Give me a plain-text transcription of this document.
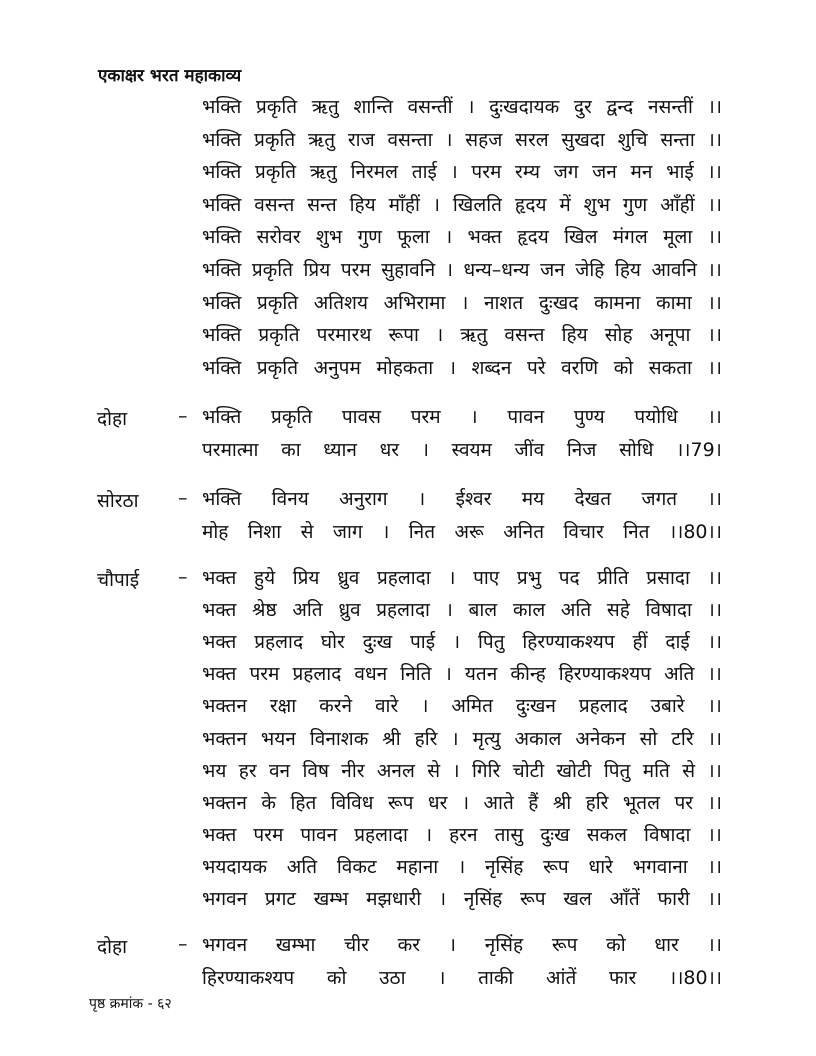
एकाक्षर भरत महाकाव्य
भक्ति प्रकृति ऋतु शान्ति वसन्तीं । दुःखदायक दुर द्वन्द नसन्तीं ।।
भक्ति प्रकृति ऋतु राज वसन्ता । सहज सरल सुखदा शुचि सन्ता ।।
भक्ति प्रकृति ऋतु निरमल ताई । परम रम्य जग जन मन भाई ।।
भक्ति वसन्त सन्त हिय माँहीं । खिलति हृदय में शुभ गुण आँहीं ।।
भक्ति सरोवर शुभ गुण फूला । भक्त हृदय खिल मंगल मूला ।।
भक्ति प्रकृति प्रिय परम सुहावनि । धन्य–धन्य जन जेहि हिय आवनि ।।
भक्ति प्रकृति अतिशय अभिरामा । नाशत दुःखद कामना कामा ।।
भक्ति प्रकृति परमारथ रूपा । ऋतु वसन्त हिय सोह अनूपा ।।
भक्ति प्रकृति अनुपम मोहकता । शब्दन परे वरणि को सकता ।।
दोहा	– भक्ति प्रकृति पावस परम । पावन पुण्य पयोधि ।।
परमात्मा का ध्यान धर । स्वयम जींव निज सोधि ।।79।
सोरठा – भक्ति विनय अनुराग । ईश्वर मय देखत जगत ।।
मोह निशा से जाग । नित अरू अनित विचार नित ।।80।।
चौपाई – भक्त हुये प्रिय ध्रुव प्रहलादा । पाए प्रभु पद प्रीति प्रसादा ।।
भक्त श्रेष्ठ अति ध्रुव प्रहलादा । बाल काल अति सहे विषादा ।।
भक्त प्रहलाद घोर दुःख पाई । पितु हिरण्याकश्यप हीं दाई ।।
भक्त परम प्रहलाद वधन निति । यतन कीन्ह हिरण्याकश्यप अति ।।
भक्तन रक्षा करने वारे । अमित दुःखन प्रहलाद उबारे ।।
भक्तन भयन विनाशक श्री हरि । मृत्यु अकाल अनेकन सो टरि ।।
भय हर वन विष नीर अनल से । गिरि चोटी खोटी पितु मति से ।।
भक्तन के हित विविध रूप धर । आते हैं श्री हरि भूतल पर ।।
भक्त परम पावन प्रहलादा । हरन तासु दुःख सकल विषादा ।।
भयदायक अति विकट महाना । नृसिंह रूप धारे भगवाना ।।
भगवन प्रगट खम्भ मझधारी । नृसिंह रूप खल आँतें फारी ।।
दोहा	– भगवन खम्भा चीर कर । नृसिंह रूप को धार ।।
हिरण्याकश्यप को उठा । ताकी आंतें फार ।।80।।
पृष्ठ क्रमांक - ६२
